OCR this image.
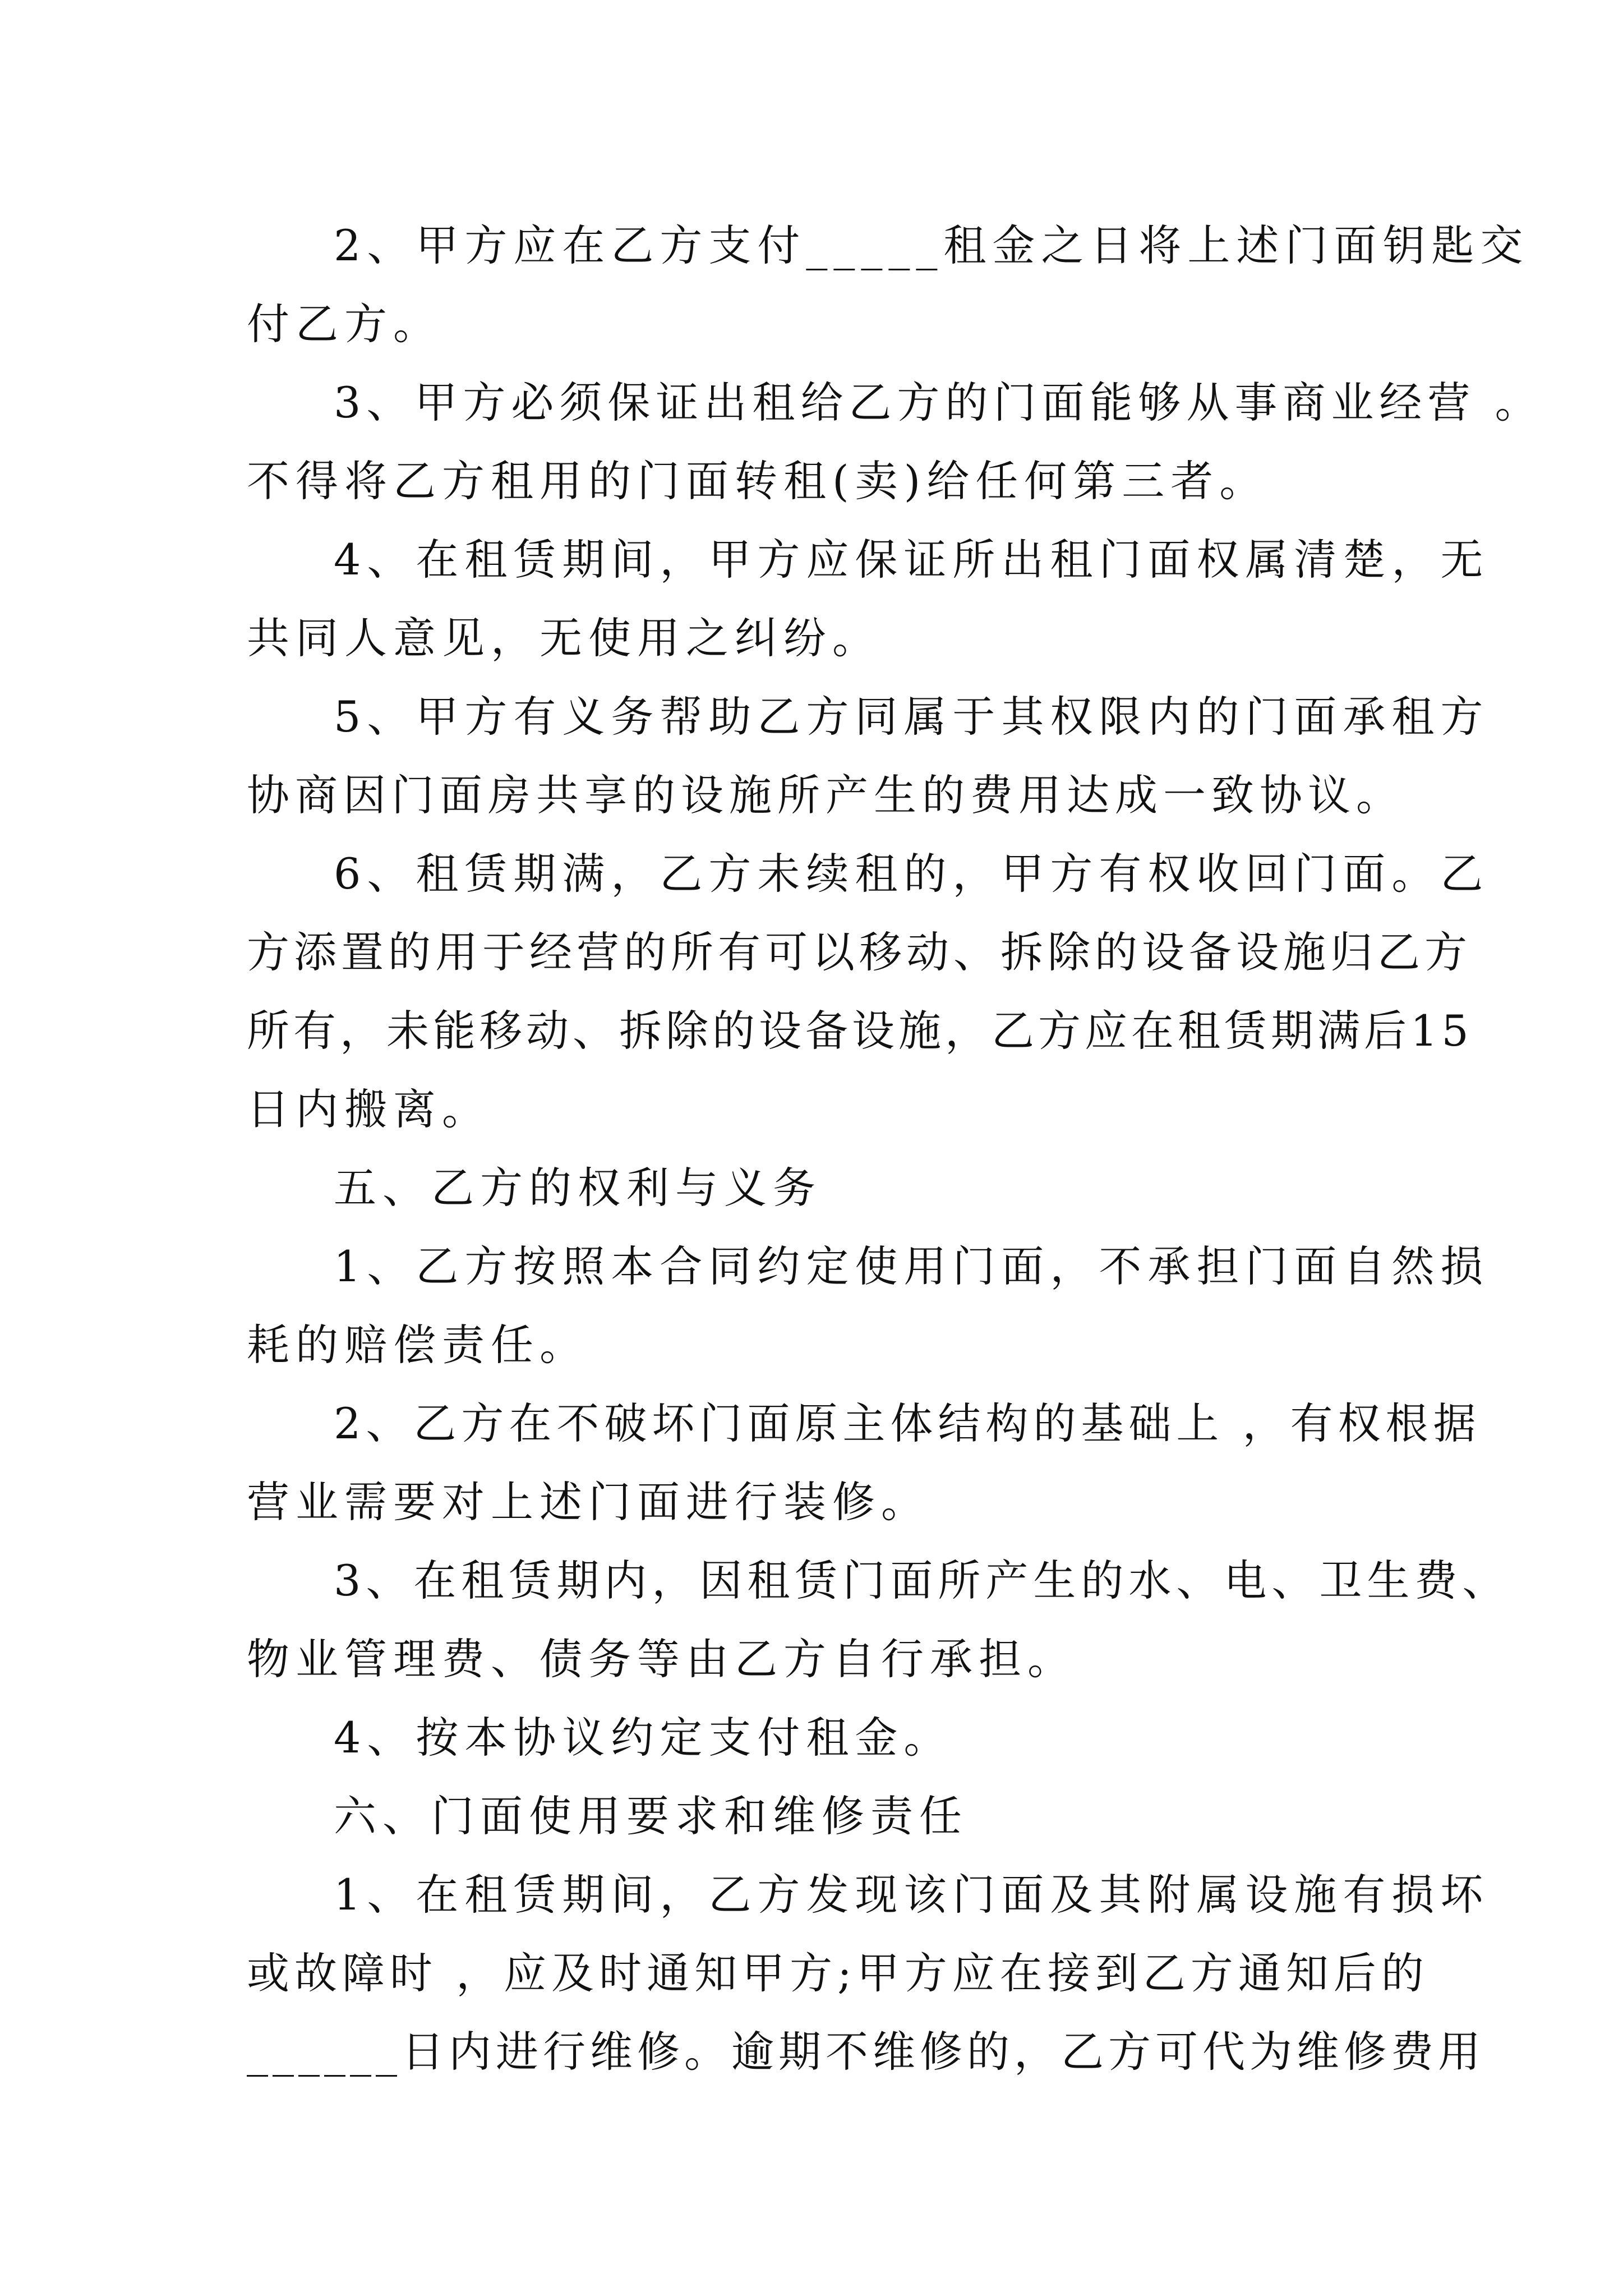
2、甲方应在乙方支付_____租金之日将上述门面钥匙交
付乙方。
3、甲方必须保证出租给乙方的门面能够从事商业经营 。
不得将乙方租用的门面转租(卖)给任何第三者。
4、在租赁期间，甲方应保证所出租门面权属清楚，无
共同人意见，无使用之纠纷。
5、甲方有义务帮助乙方同属于其权限内的门面承租方
协商因门面房共享的设施所产生的费用达成一致协议。
6、租赁期满，乙方未续租的，甲方有权收回门面。乙
方添置的用于经营的所有可以移动、拆除的设备设施归乙方
所有，未能移动、拆除的设备设施，乙方应在租赁期满后15
日内搬离。
五、乙方的权利与义务
1、乙方按照本合同约定使用门面，不承担门面自然损
耗的赔偿责任。
2、乙方在不破坏门面原主体结构的基础上 ，有权根据
营业需要对上述门面进行装修。
3、在租赁期内，因租赁门面所产生的水、电、卫生费、
物业管理费、债务等由乙方自行承担。
4、按本协议约定支付租金。
六、门面使用要求和维修责任
1、在租赁期间，乙方发现该门面及其附属设施有损坏
或故障时 ，应及时通知甲方;甲方应在接到乙方通知后的
______日内进行维修。逾期不维修的，乙方可代为维修费用
